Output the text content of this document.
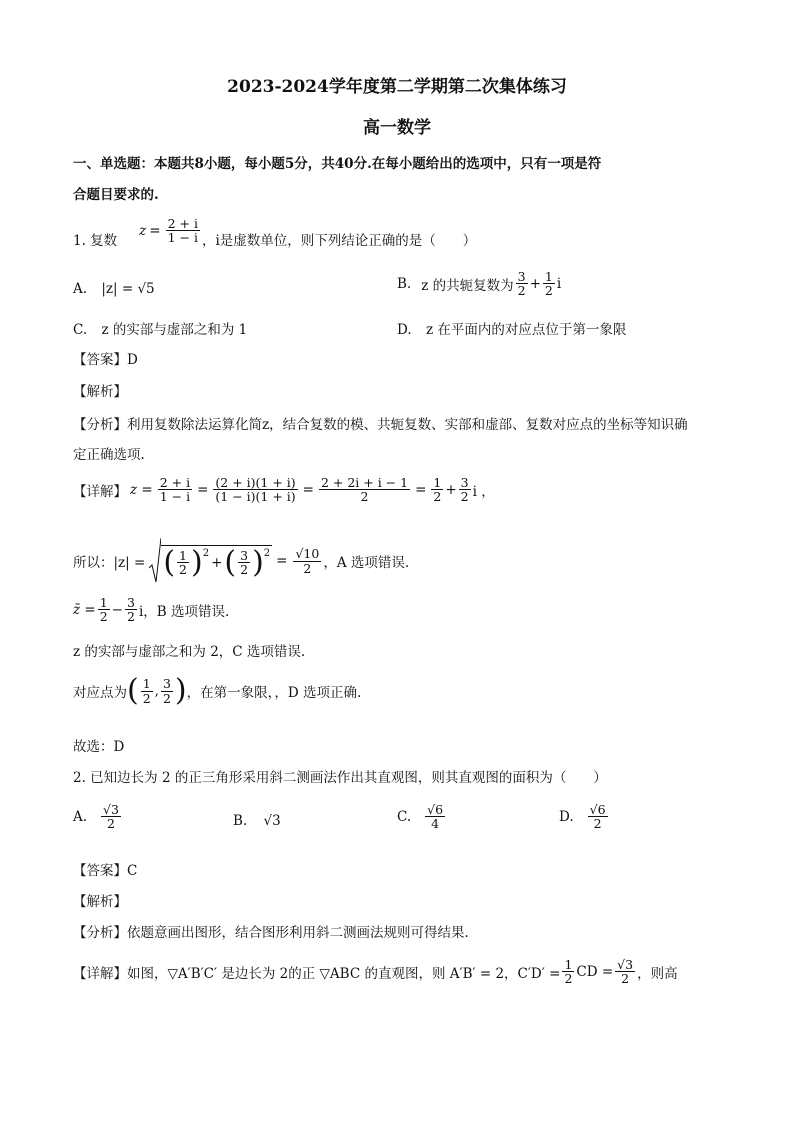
2023-2024学年度第二学期第二次集体练习
高一数学
一、单选题：本题共8小题，每小题5分，共40分.在每小题给出的选项中，只有一项是符
合题目要求的.
1. 复数
$z = \frac{2 + i}{1 - i}$ ，i是虚数单位，则下列结论正确的是（　　）
A. |z| = √5	B. z 的共轭复数为 $\frac{3}{2} + \frac{1}{2}$ i
C. z 的实部与虚部之和为 1	D. z 在平面内的对应点位于第一象限
【答案】D
【解析】
【分析】利用复数除法运算化简z，结合复数的模、共轭复数、实部和虚部、复数对应点的坐标等知识确
定正确选项.
【详解】 $z = \frac{2 + i}{1 - i} = \frac{(2 + i)(1 + i)}{(1 - i)(1 + i)} = \frac{2 + 2i + i - 1}{2} = \frac{1}{2} + \frac{3}{2}$ i ，
所以：|z| = ( $\frac{1}{2} )^2$
+ ( $\frac{3}{2} )^2 = \frac{√10}{2}$ ，A 选项错误.
z̄ = $\frac{1}{2} - \frac{3}{2}$ i，B 选项错误.
z 的实部与虚部之和为 2，C 选项错误.
对应点为 ( $\frac{1}{2}$ , $\frac{3}{2}$ ) ，在第一象限，，D 选项正确.
故选：D
2. 已知边长为 2 的正三角形采用斜二测画法作出其直观图，则其直观图的面积为（　　）
A. $\frac{√3}{2}$	B. √3	C. $\frac{√6}{4}$	D. $\frac{√6}{2}$
【答案】C
【解析】
【分析】依题意画出图形，结合图形利用斜二测画法规则可得结果.
【详解】如图，▽A′B′C′ 是边长为 2的正 ▽ABC 的直观图，则 A′B′ = 2，$C'D' = \frac{1}{2}$ CD = $\frac{√3}{2}$ ，则高
